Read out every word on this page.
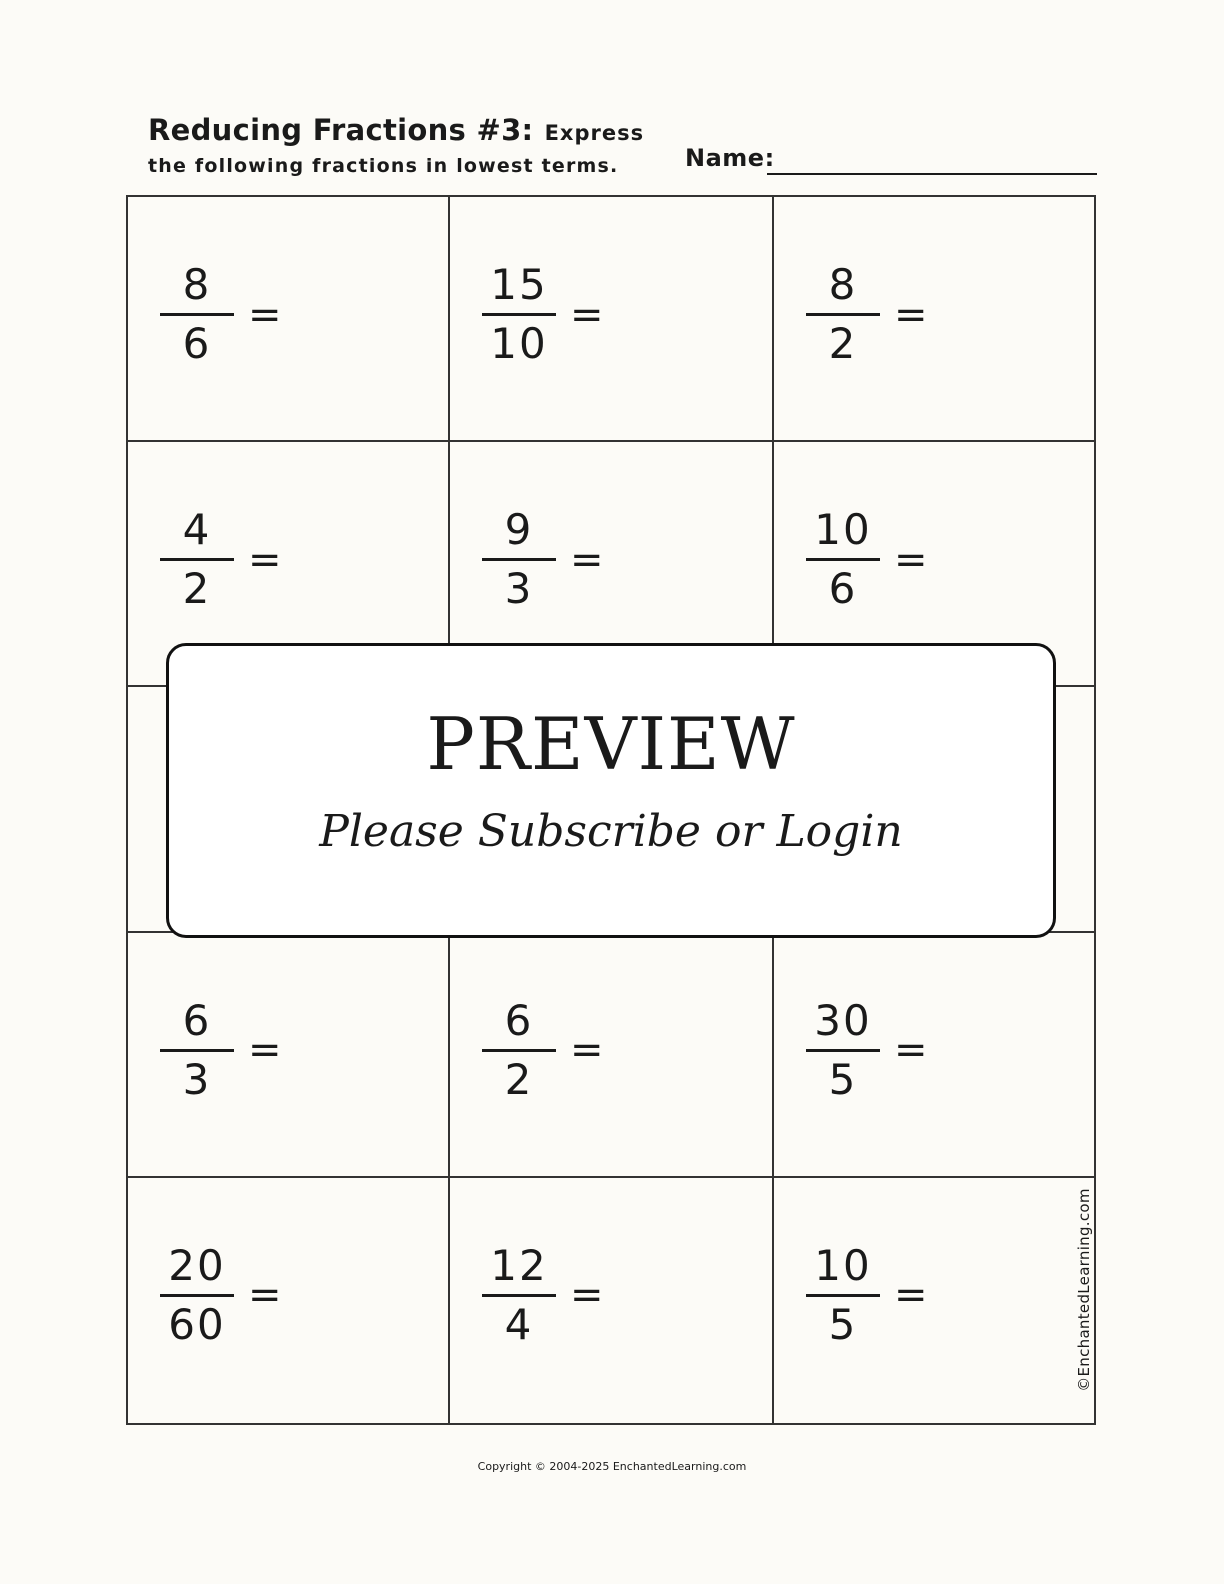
Reducing Fractions #3: Express
the following fractions in lowest terms.	Name:
$\frac{8}{6}$ =	$\frac{15}{10}$ =	$\frac{8}{2}$ =
$\frac{4}{2}$ =	$\frac{9}{3}$ =	$\frac{10}{6}$ =
$\frac{6}{3}$ =	$\frac{6}{2}$ =	$\frac{30}{5}$ =
$\frac{20}{60}$ =	$\frac{12}{4}$ =	$\frac{10}{5}$ =
PREVIEW
Please Subscribe or Login
©EnchantedLearning.com
Copyright © 2004-2025 EnchantedLearning.com
